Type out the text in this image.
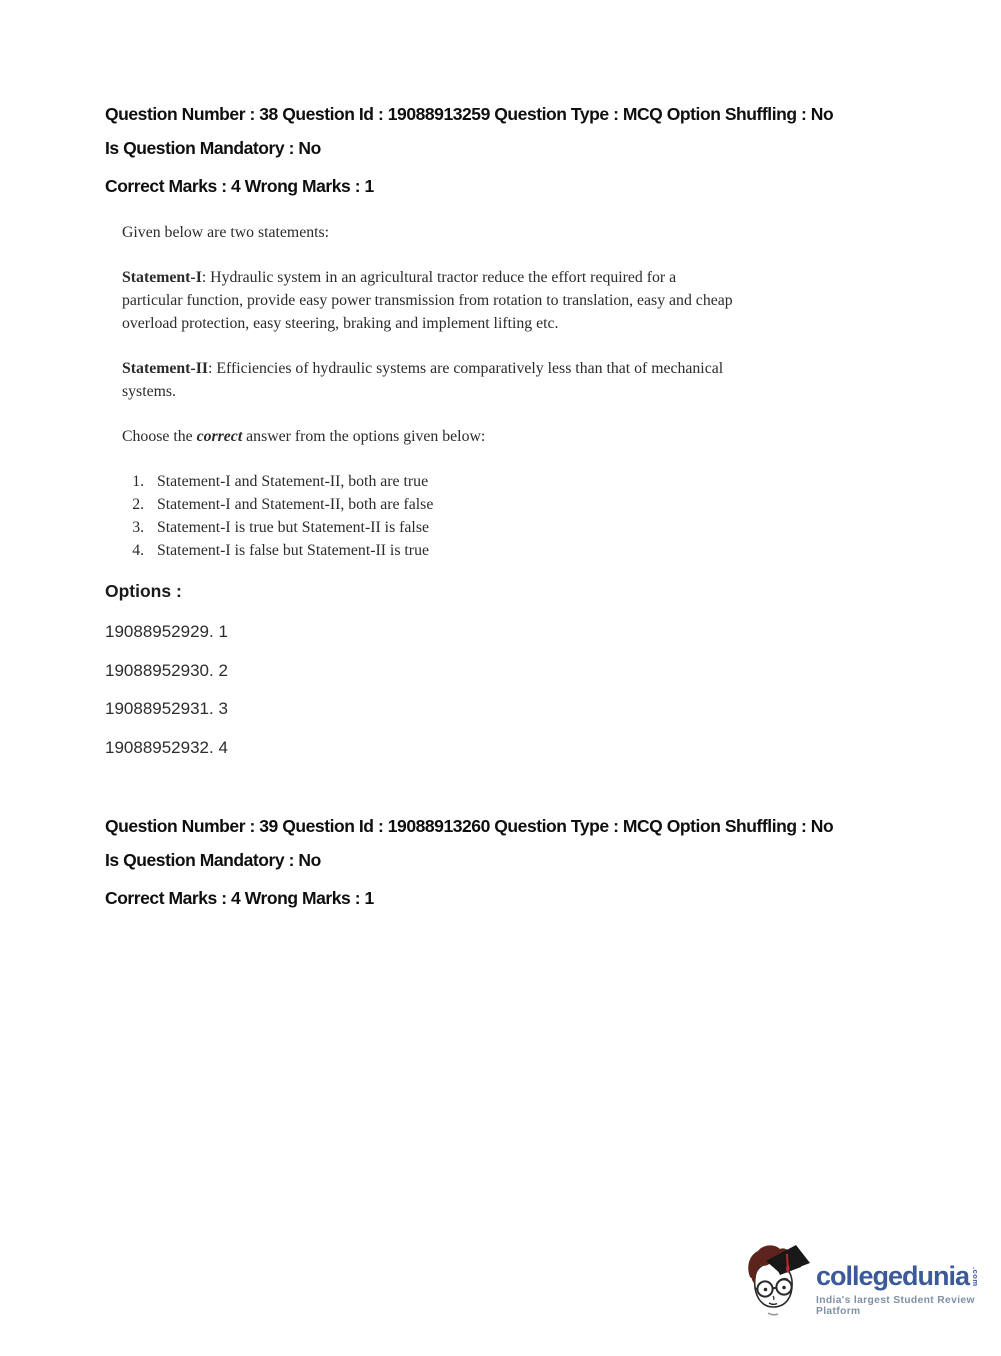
Question Number : 38 Question Id : 19088913259 Question Type : MCQ Option Shuffling : No

Is Question Mandatory : No

Correct Marks : 4 Wrong Marks : 1

Given below are two statements:

Statement-I: Hydraulic system in an agricultural tractor reduce the effort required for a particular function, provide easy power transmission from rotation to translation, easy and cheap overload protection, easy steering, braking and implement lifting etc.

Statement-II: Efficiencies of hydraulic systems are comparatively less than that of mechanical systems.

Choose the correct answer from the options given below:

1. Statement-I and Statement-II, both are true
2. Statement-I and Statement-II, both are false
3. Statement-I is true but Statement-II is false
4. Statement-I is false but Statement-II is true
Options :
19088952929. 1
19088952930. 2
19088952931. 3
19088952932. 4

Question Number : 39 Question Id : 19088913260 Question Type : MCQ Option Shuffling : No

Is Question Mandatory : No

Correct Marks : 4 Wrong Marks : 1

collegedunia .com
India's largest Student Review Platform
